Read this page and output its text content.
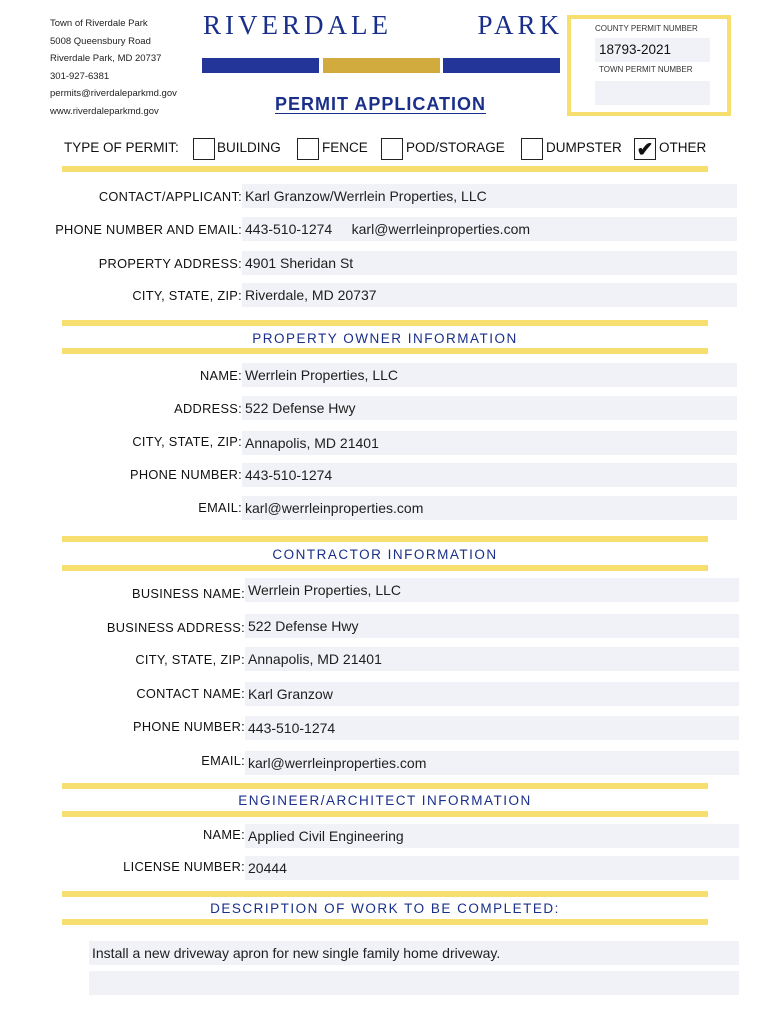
Town of Riverdale Park
5008 Queensbury Road
Riverdale Park, MD 20737
301-927-6381
permits@riverdaleparkmd.gov
www.riverdaleparkmd.gov
RIVERDALE PARK
PERMIT APPLICATION
COUNTY PERMIT NUMBER
18793-2021
TOWN PERMIT NUMBER
TYPE OF PERMIT:	BUILDING	FENCE	POD/STORAGE	DUMPSTER ✔ OTHER
CONTACT/APPLICANT: Karl Granzow/Werrlein Properties, LLC
PHONE NUMBER AND EMAIL: 443-510-1274     karl@werrleinproperties.com
PROPERTY ADDRESS: 4901 Sheridan St
CITY, STATE, ZIP: Riverdale, MD 20737
PROPERTY OWNER INFORMATION
NAME: Werrlein Properties, LLC
ADDRESS: 522 Defense Hwy
CITY, STATE, ZIP: Annapolis, MD 21401
PHONE NUMBER: 443-510-1274
EMAIL: karl@werrleinproperties.com
CONTRACTOR INFORMATION
BUSINESS NAME: Werrlein Properties, LLC
BUSINESS ADDRESS: 522 Defense Hwy
CITY, STATE, ZIP: Annapolis, MD 21401
CONTACT NAME: Karl Granzow
PHONE NUMBER: 443-510-1274
EMAIL: karl@werrleinproperties.com
ENGINEER/ARCHITECT INFORMATION
NAME: Applied Civil Engineering
LICENSE NUMBER: 20444
DESCRIPTION OF WORK TO BE COMPLETED:
Install a new driveway apron for new single family home driveway.
